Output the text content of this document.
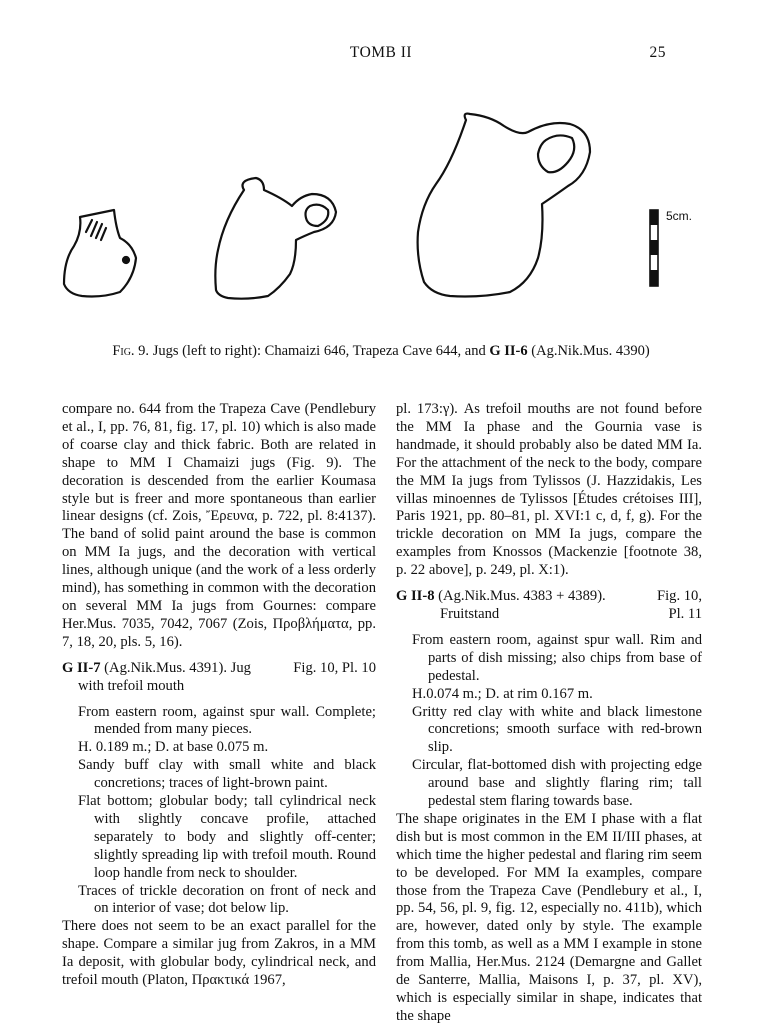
TOMB II	25
5cm.
Fig. 9. Jugs (left to right): Chamaizi 646, Trapeza Cave 644, and G II-6 (Ag.Nik.Mus. 4390)

compare no. 644 from the Trapeza Cave (Pendlebury et al., I, pp. 76, 81, fig. 17, pl. 10) which is also made of coarse clay and thick fabric. Both are related in shape to MM I Chamaizi jugs (Fig. 9). The decoration is descended from the earlier Koumasa style but is freer and more spontaneous than earlier linear designs (cf. Zois, Ἔρευνα, p. 722, pl. 8:4137). The band of solid paint around the base is common on MM Ia jugs, and the decoration with vertical lines, although unique (and the work of a less orderly mind), has something in common with the decoration on several MM Ia jugs from Gournes: compare Her.Mus. 7035, 7042, 7067 (Zois, Προβλήματα, pp. 7, 18, 20, pls. 5, 16).

G II-7 (Ag.Nik.Mus. 4391). Jug	Fig. 10, Pl. 10

with trefoil mouth

From eastern room, against spur wall. Complete; mended from many pieces.

H. 0.189 m.; D. at base 0.075 m.

Sandy buff clay with small white and black concretions; traces of light-brown paint.

Flat bottom; globular body; tall cylindrical neck with slightly concave profile, attached separately to body and slightly off-center; slightly spreading lip with trefoil mouth. Round loop handle from neck to shoulder.

Traces of trickle decoration on front of neck and on interior of vase; dot below lip.

There does not seem to be an exact parallel for the shape. Compare a similar jug from Zakros, in a MM Ia deposit, with globular body, cylindrical neck, and trefoil mouth (Platon, Πρακτικά 1967,

pl. 173:γ). As trefoil mouths are not found before the MM Ia phase and the Gournia vase is handmade, it should probably also be dated MM Ia. For the attachment of the neck to the body, compare the MM Ia jugs from Tylissos (J. Hazzidakis, Les villas minoennes de Tylissos [Études crétoises III], Paris 1921, pp. 80–81, pl. XVI:1 c, d, f, g). For the trickle decoration on MM Ia jugs, compare the examples from Knossos (Mackenzie [footnote 38, p. 22 above], p. 249, pl. X:1).

G II-8 (Ag.Nik.Mus. 4383 + 4389).	Fig. 10,
Fruitstand	Pl. 11

From eastern room, against spur wall. Rim and parts of dish missing; also chips from base of pedestal.

H.0.074 m.; D. at rim 0.167 m.

Gritty red clay with white and black limestone concretions; smooth surface with red-brown slip.

Circular, flat-bottomed dish with projecting edge around base and slightly flaring rim; tall pedestal stem flaring towards base.

The shape originates in the EM I phase with a flat dish but is most common in the EM II/III phases, at which time the higher pedestal and flaring rim seem to be developed. For MM Ia examples, compare those from the Trapeza Cave (Pendlebury et al., I, pp. 54, 56, pl. 9, fig. 12, especially no. 411b), which are, however, dated only by style. The example from this tomb, as well as a MM I example in stone from Mallia, Her.Mus. 2124 (Demargne and Gallet de Santerre, Mallia, Maisons I, p. 37, pl. XV), which is especially similar in shape, indicates that the shape
